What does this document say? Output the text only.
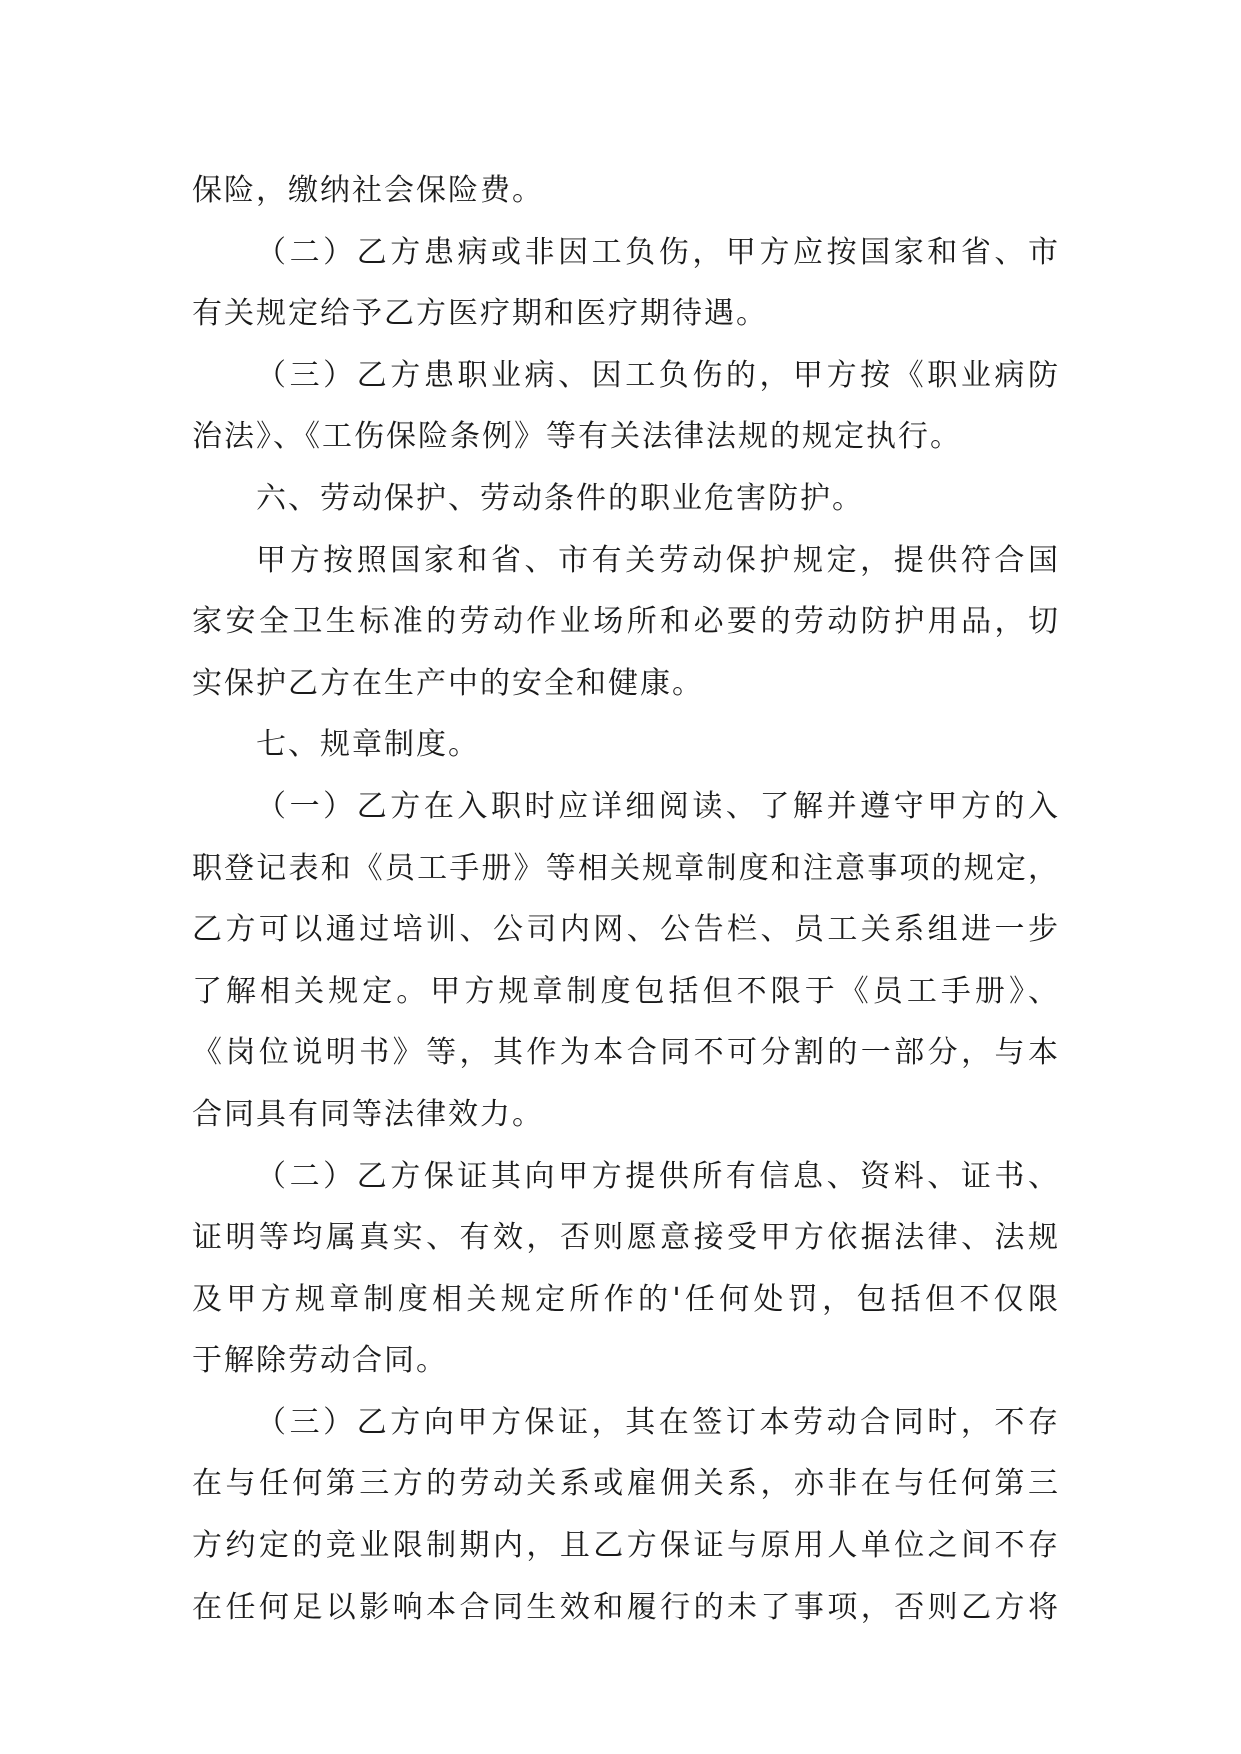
保险，缴纳社会保险费。
（二）乙方患病或非因工负伤，甲方应按国家和省、市
有关规定给予乙方医疗期和医疗期待遇。
（三）乙方患职业病、因工负伤的，甲方按《职业病防
治法》、《工伤保险条例》等有关法律法规的规定执行。
六、劳动保护、劳动条件的职业危害防护。
甲方按照国家和省、市有关劳动保护规定，提供符合国
家安全卫生标准的劳动作业场所和必要的劳动防护用品，切
实保护乙方在生产中的安全和健康。
七、规章制度。
（一）乙方在入职时应详细阅读、了解并遵守甲方的入
职登记表和《员工手册》等相关规章制度和注意事项的规定，
乙方可以通过培训、公司内网、公告栏、员工关系组进一步
了解相关规定。甲方规章制度包括但不限于《员工手册》、
《岗位说明书》等，其作为本合同不可分割的一部分，与本
合同具有同等法律效力。
（二）乙方保证其向甲方提供所有信息、资料、证书、
证明等均属真实、有效，否则愿意接受甲方依据法律、法规
及甲方规章制度相关规定所作的'任何处罚，包括但不仅限
于解除劳动合同。
（三）乙方向甲方保证，其在签订本劳动合同时，不存
在与任何第三方的劳动关系或雇佣关系，亦非在与任何第三
方约定的竞业限制期内，且乙方保证与原用人单位之间不存
在任何足以影响本合同生效和履行的未了事项，否则乙方将
